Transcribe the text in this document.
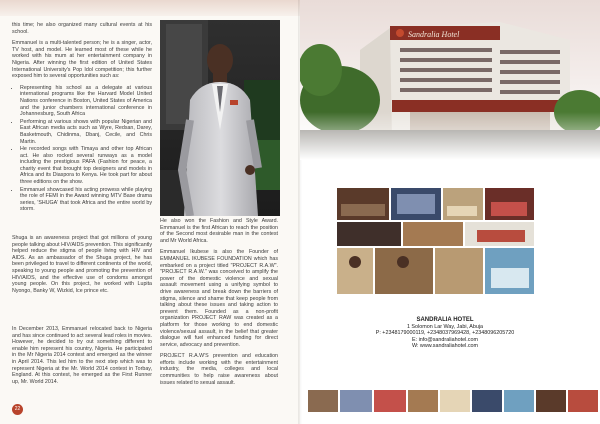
this time; he also organized many cultural events at his school.

Emmanuel is a multi-talented person; he is a singer, actor, TV host, and model. He learned most of these while he worked with his mum at her entertainment company in Nigeria. After winning the first edition of United States International University's Pop Idol competition; this further exposed him to several opportunities such as:

• Representing his school as a delegate at various international programs like the Harvard Model United Nations conference in Boston, United States of America and the junior chambers international conference in Johannesburg, South Africa
• Performing at various shows with popular Nigerian and East African media acts such as Wyre, Redsan, Darey, Basketmouth, Chidinma, Dbanj, Cecile, and Chris Martin.
• He recorded songs with Timaya and other top African act. He also rocked several runways as a model including the prestigious PAFA (Fashion for peace, a charity event that brought top designers and models in Africa and its Diaspora to Kenya. He took part for about three editions on the show.
• Emmanuel showcased his acting prowess while playing the role of FEMI in the Award winning MTV Base drama series, 'SHUGA' that took Africa and the entire world by storm.

Shuga is an awareness project that got millions of young people talking about HIV/AIDS prevention. This significantly helped reduce the stigma of people living with HIV and AIDS. As an ambassador of the Shuga project, he has been privileged to travel to different continents of the world, speaking to young people and promoting the prevention of HIV/AIDS, and the effective use of condoms amongst young people. On this project, he worked with Lupita Nyongo, Banky W, Wizkid, Ice prince etc.

In December 2013, Emmanuel relocated back to Nigeria and has since continued to act several lead roles in movies. However, he decided to try out something different to enable him represent his country, Nigeria. He participated in the Mr Nigeria 2014 contest and emerged as the winner in April 2014. This led him to the next step which was to represent Nigeria at the Mr. World 2014 contest in Torbay, England. At this contest, he emerged as the First Runner up, Mr. World 2014.

He also won the Fashion and Style Award. Emmanuel is the first African to reach the position of the Second most desirable man in the contest and Mr World Africa.

Emmanuel Ikubese is also the Founder of EMMANUEL IKUBESE FOUNDATION which has embarked on a project titled "PROJECT R.A.W". "PROJECT R.A.W." was conceived to amplify the power of the domestic violence and sexual assault movement using a unifying symbol to drive awareness and break down the barriers of stigma, silence and shame that keep people from talking about these issues and taking action to prevent them. Founded as a non-profit organization PROJECT RAW was created as a platform for those working to end domestic violence/sexual assault, in the belief that greater dialogue will fuel enhanced funding for direct service, advocacy and prevention.

PROJECT R.A.W'S prevention and education efforts include working with the entertainment industry, the media, colleges and local communities to help raise awareness about issues related to sexual assault.

22
SANDRALIA HOTEL
1 Solomon Lar Way, Jabi, Abuja
P: +2348179000119, +2348037969428, +2348096205720
E: info@sandraliahotel.com
W: www.sandraliahotel.com
